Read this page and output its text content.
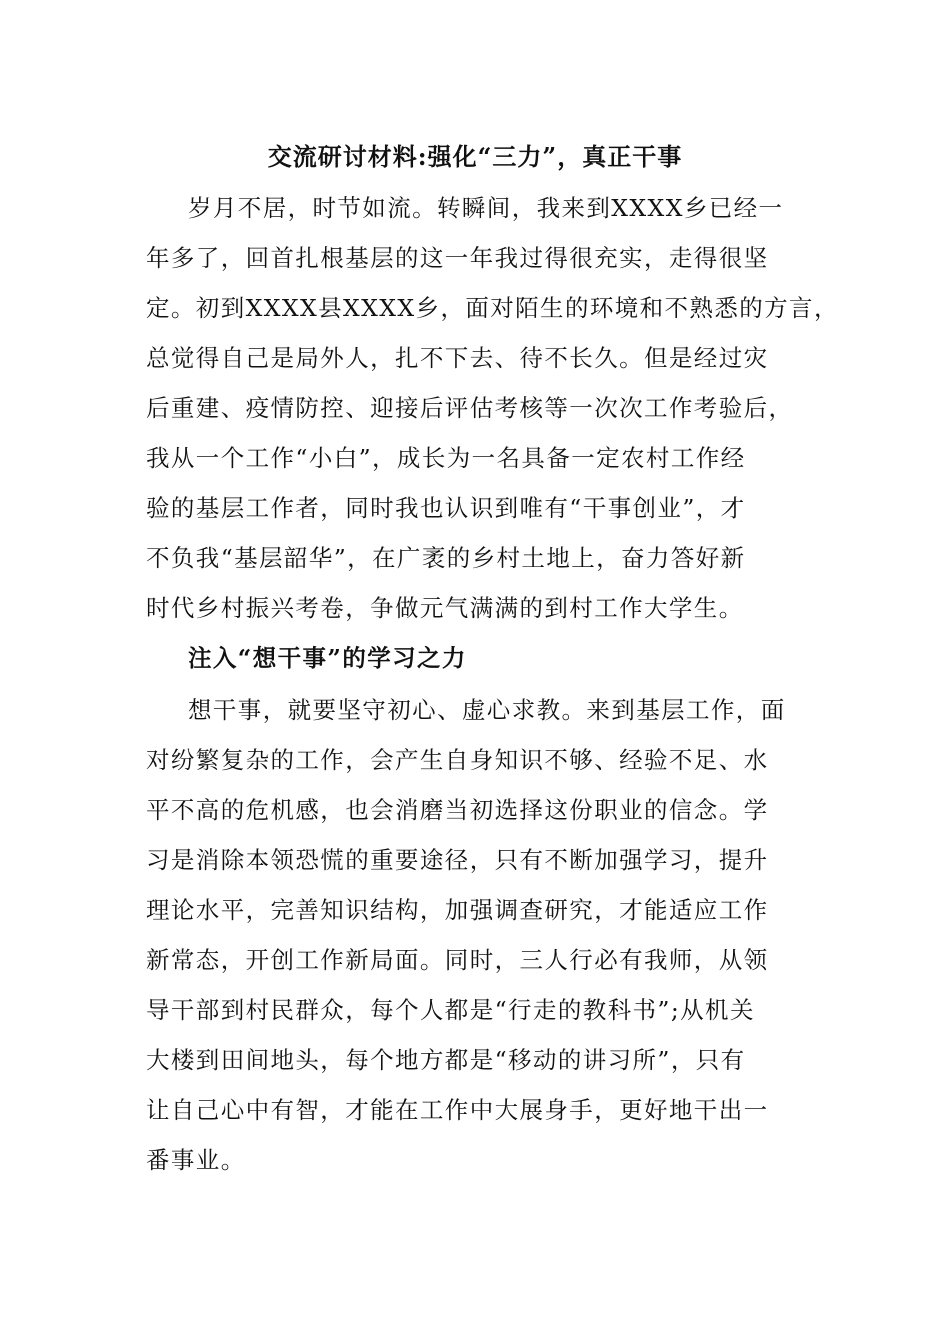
交流研讨材料:强化“三力”，真正干事
岁月不居，时节如流。转瞬间，我来到XXXX乡已经一
年多了，回首扎根基层的这一年我过得很充实，走得很坚
定。初到XXXX县XXXX乡，面对陌生的环境和不熟悉的方言，
总觉得自己是局外人，扎不下去、待不长久。但是经过灾
后重建、疫情防控、迎接后评估考核等一次次工作考验后，
我从一个工作“小白”，成长为一名具备一定农村工作经
验的基层工作者，同时我也认识到唯有“干事创业”，才
不负我“基层韶华”，在广袤的乡村土地上，奋力答好新
时代乡村振兴考卷，争做元气满满的到村工作大学生。
注入“想干事”的学习之力
想干事，就要坚守初心、虚心求教。来到基层工作，面
对纷繁复杂的工作，会产生自身知识不够、经验不足、水
平不高的危机感，也会消磨当初选择这份职业的信念。学
习是消除本领恐慌的重要途径，只有不断加强学习，提升
理论水平，完善知识结构，加强调查研究，才能适应工作
新常态，开创工作新局面。同时，三人行必有我师，从领
导干部到村民群众，每个人都是“行走的教科书”;从机关
大楼到田间地头，每个地方都是“移动的讲习所”，只有
让自己心中有智，才能在工作中大展身手，更好地干出一
番事业。
